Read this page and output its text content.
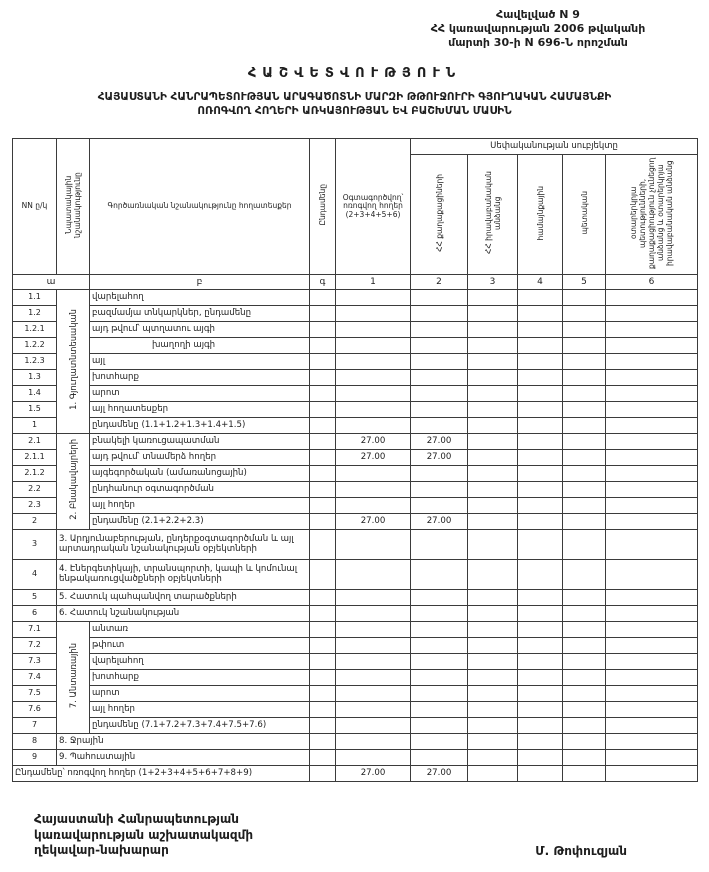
Հավելված N 9
ՀՀ կառավարության 2006 թվականի
մարտի 30-ի N 696-Ն որոշման
ՀԱՇՎԵՏՎՈՒԹՅՈՒՆ
ՀԱՅԱՍՏԱՆԻ ՀԱՆՐԱՊԵՏՈՒԹՅԱՆ ԱՐԱԳԱԾՈՏՆԻ ՄԱՐԶԻ ԹԹՈՒՋՈՒՐԻ ԳՅՈՒՂԱԿԱՆ ՀԱՄԱՅՆՔԻ
ՈՌՈԳՎՈՂ ՀՈՂԵՐԻ ԱՌԿԱՅՈՒԹՅԱՆ ԵՎ ԲԱՇԽՄԱՆ ՄԱՍԻՆ
NN ը/կ	Նպատակային նշանակությունը	Գործառնական նշանակությունը հողատեսքեր	Ընդամենը	Օգտագործվող՝ ոռոգվող հողեր (2+3+4+5+6)	Սեփականության սուբյեկտը				
					ՀՀ քաղաքացիների	ՀՀ իրավաբանական անձանց	համայնքային	պետական	օտարերկրյա պետությունների, քաղաքացիություն չունեցող անձանց և օտարերկրյա իրավաբանական անձանց
ա		բ	գ	1	2	3	4	5	6
1.1	1. Գյուղատնտեսական	վարելահող							
1.2		բազմամյա տնկարկներ, ընդամենը							
1.2.1		այդ թվում՝ պտղատու այգի							
1.2.2		խաղողի այգի							
1.2.3		այլ							
1.3		խոտհարք							
1.4		արոտ							
1.5		այլ հողատեսքեր							
1		ընդամենը (1.1+1.2+1.3+1.4+1.5)							
2.1	2. Բնակավայրերի	բնակելի կառուցապատման		27.00	27.00				
2.1.1		այդ թվում՝ տնամերձ հողեր		27.00	27.00				
2.1.2		այգեգործական (ամառանոցային)							
2.2		ընդհանուր օգտագործման							
2.3		այլ հողեր							
2		ընդամենը (2.1+2.2+2.3)		27.00	27.00				
3	3. Արդյունաբերության, ընդերքօգտագործման և այլ արտադրական նշանակության օբյեկտների								
4	4. Էներգետիկայի, տրանսպորտի, կապի և կոմունալ ենթակառուցվածքների օբյեկտների								
5	5. Հատուկ պահպանվող տարածքների								
6	6. Հատուկ նշանակության								
7.1	7. Անտառային	անտառ							
7.2		թփուտ							
7.3		վարելահող							
7.4		խոտհարք							
7.5		արոտ							
7.6		այլ հողեր							
7		ընդամենը (7.1+7.2+7.3+7.4+7.5+7.6)							
8	8. Ջրային								
9	9. Պահուստային								
Ընդամենը՝ ոռոգվող հողեր (1+2+3+4+5+6+7+8+9)				27.00	27.00				
Հայաստանի Հանրապետության
կառավարության աշխատակազմի
ղեկավար-նախարար	Մ. Թոփուզյան
